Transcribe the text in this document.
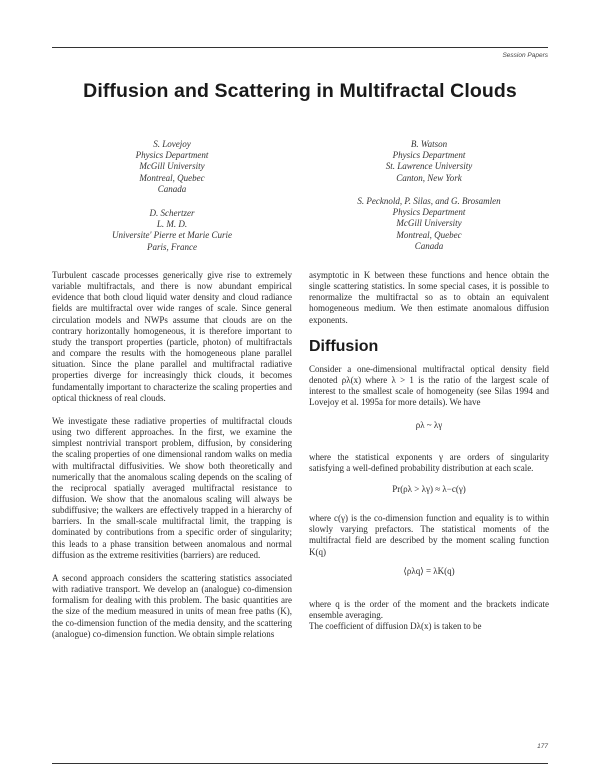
Session Papers
Diffusion and Scattering in Multifractal Clouds
S. Lovejoy
Physics Department
McGill University
Montreal, Quebec
Canada
D. Schertzer
L. M. D.
Universite' Pierre et Marie Curie
Paris, France
B. Watson
Physics Department
St. Lawrence University
Canton, New York
S. Pecknold, P. Silas, and G. Brosamlen
Physics Department
McGill University
Montreal, Quebec
Canada

Turbulent cascade processes generically give rise to extremely variable multifractals, and there is now abundant empirical evidence that both cloud liquid water density and cloud radiance fields are multifractal over wide ranges of scale. Since general circulation models and NWPs assume that clouds are on the contrary horizontally homogeneous, it is therefore important to study the transport properties (particle, photon) of multifractals and compare the results with the homogeneous plane parallel situation. Since the plane parallel and multifractal radiative properties diverge for increasingly thick clouds, it becomes fundamentally important to characterize the scaling properties and optical thickness of real clouds.

We investigate these radiative properties of multifractal clouds using two different approaches. In the first, we examine the simplest nontrivial transport problem, diffusion, by considering the scaling properties of one dimensional random walks on media with multifractal diffusivities. We show both theoretically and numerically that the anomalous scaling depends on the scaling of the reciprocal spatially averaged multifractal resistance to diffusion. We show that the anomalous scaling will always be subdiffusive; the walkers are effectively trapped in a hierarchy of barriers. In the small-scale multifractal limit, the trapping is dominated by contributions from a specific order of singularity; this leads to a phase transition between anomalous and normal diffusion as the extreme resitivities (barriers) are reduced.

A second approach considers the scattering statistics associated with radiative transport. We develop an (analogue) co-dimension formalism for dealing with this problem. The basic quantities are the size of the medium measured in units of mean free paths (K), the co-dimension function of the media density, and the scattering (analogue) co-dimension function. We obtain simple relations

asymptotic in K between these functions and hence obtain the single scattering statistics. In some special cases, it is possible to renormalize the multifractal so as to obtain an equivalent homogeneous medium. We then estimate anomalous diffusion exponents.

Diffusion

Consider a one-dimensional multifractal optical density field denoted ρλ(x) where λ > 1 is the ratio of the largest scale of interest to the smallest scale of homogeneity (see Silas 1994 and Lovejoy et al. 1995a for more details). We have

ρλ ~ λγ

where the statistical exponents γ are orders of singularity satisfying a well-defined probability distribution at each scale.

Pr(ρλ > λγ) ≈ λ−c(γ)

where c(γ) is the co-dimension function and equality is to within slowly varying prefactors. The statistical moments of the multifractal field are described by the moment scaling function K(q)

⟨ρλq⟩ = λK(q)

where q is the order of the moment and the brackets indicate ensemble averaging.

The coefficient of diffusion Dλ(x) is taken to be

177
